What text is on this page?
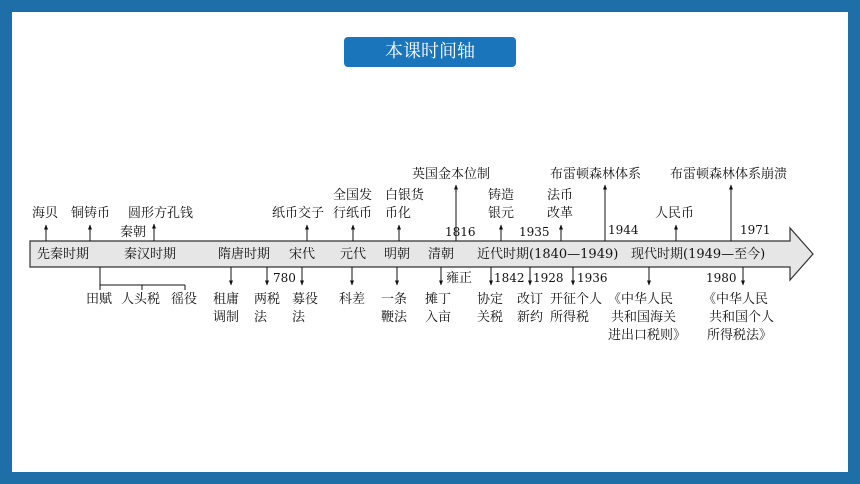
本课时间轴
先秦时期	秦汉时期	隋唐时期 宋代 元代 明朝 清朝 近代时期(1840—1949) 现代时期(1949—至今)
海贝 铜铸币
秦朝
圆形方孔钱	纸币交子
全国发
行纸币
白银货
币化
英国金本位制
1816
铸造
银元
法币
改革
1935
布雷顿森林体系
1944
人民币
布雷顿森林体系崩溃
1971
田赋 人头税 徭役 租庸
调制
780
两税
法
募役
法
科差 一条
鞭法
雍正
摊丁
入亩
1842
协定
关税
1928
改订
新约
1936
开征个人
所得税
《中华人民
共和国海关
进出口税则》
1980
《中华人民
共和国个人
所得税法》
